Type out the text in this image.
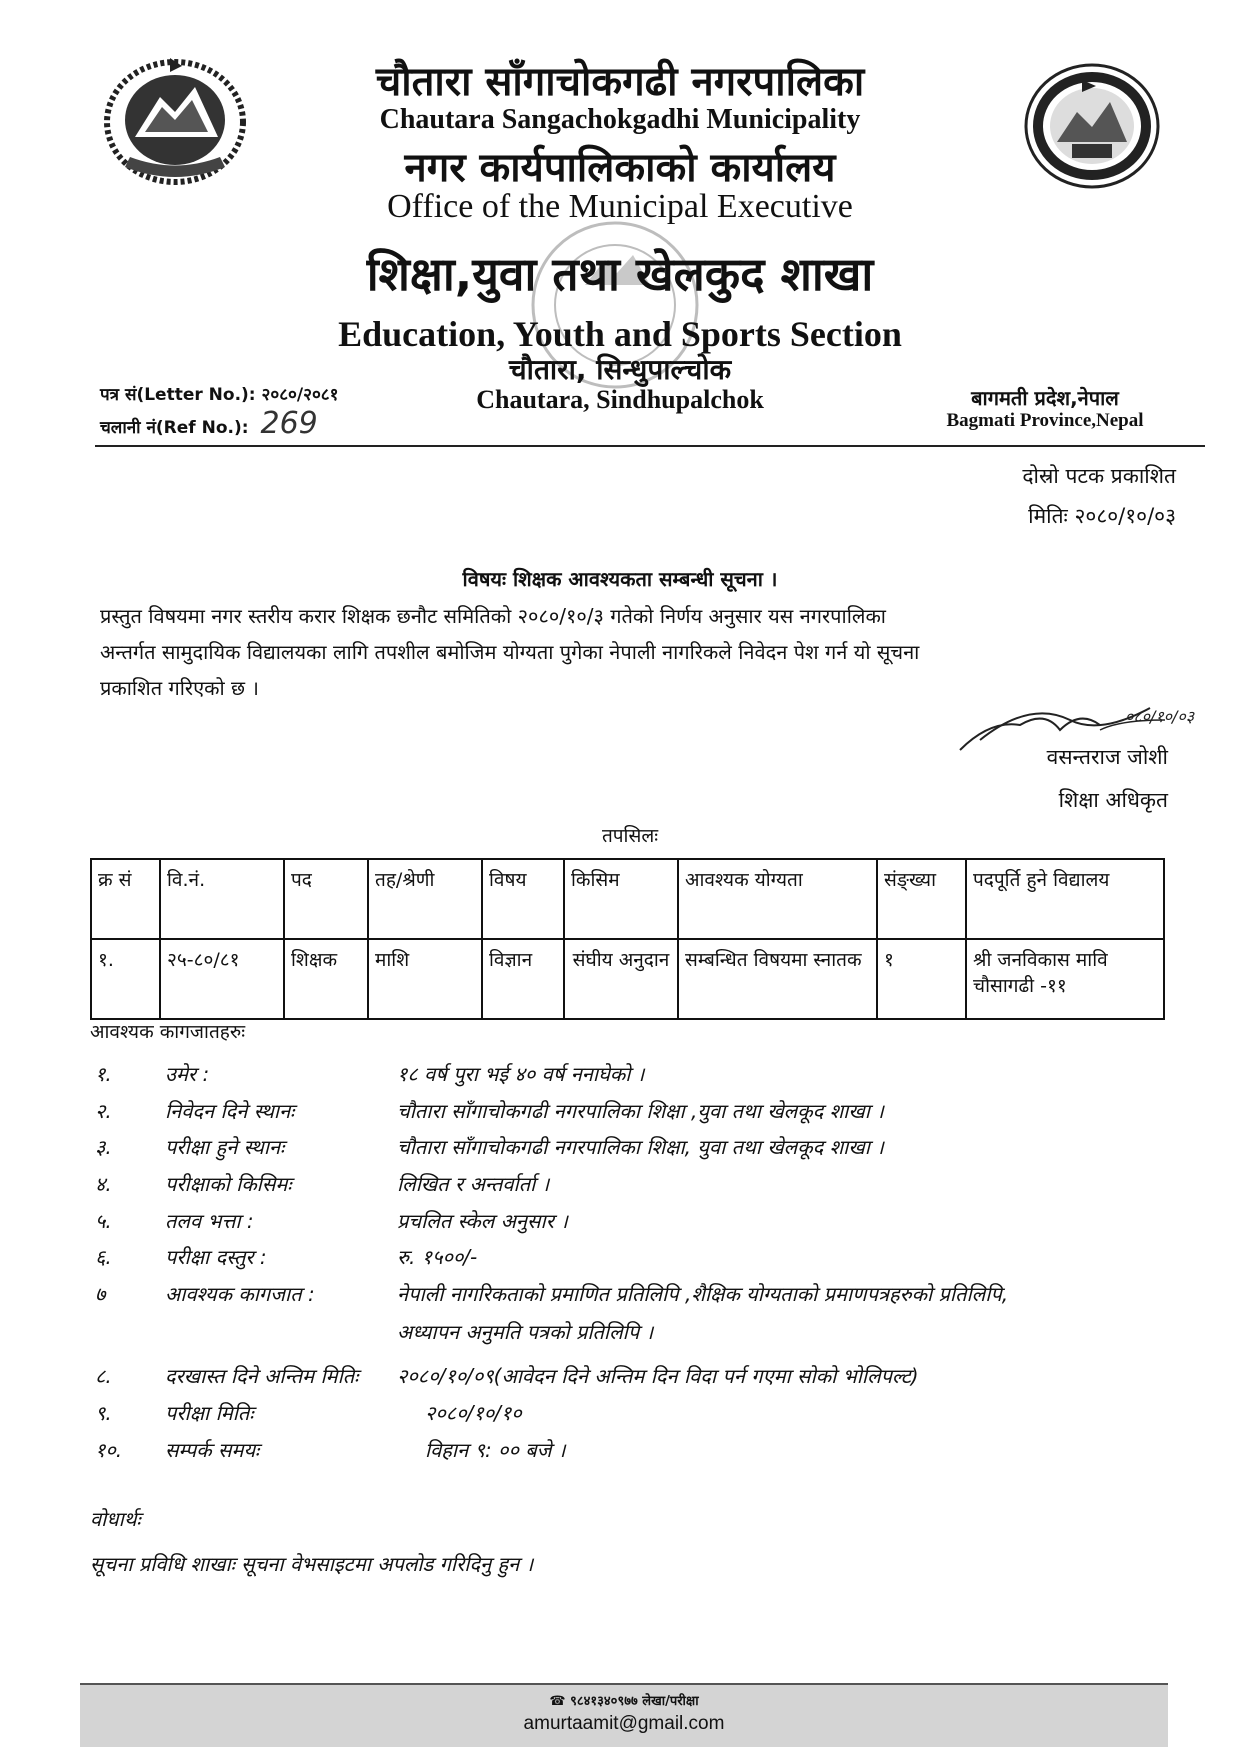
चौतारा साँगाचोकगढी नगरपालिका
Chautara Sangachokgadhi Municipality
नगर कार्यपालिकाको कार्यालय
Office of the Municipal Executive
शिक्षा,युवा तथा खेलकुद शाखा
Education, Youth and Sports Section
चौतारा, सिन्धुपाल्चोक
Chautara, Sindhupalchok
पत्र सं(Letter No.): २०८०/२०८१
चलानी नं(Ref No.): 269
बागमती प्रदेश,नेपाल
Bagmati Province,Nepal
दोस्रो पटक प्रकाशित
मितिः २०८०/१०/०३
विषयः शिक्षक आवश्यकता सम्बन्धी सूचना ।
प्रस्तुत विषयमा नगर स्तरीय करार शिक्षक छनौट समितिको २०८०/१०/३ गतेको निर्णय अनुसार यस नगरपालिका
अन्तर्गत सामुदायिक विद्यालयका लागि तपशील बमोजिम योग्यता पुगेका नेपाली नागरिकले निवेदन पेश गर्न यो सूचना
प्रकाशित गरिएको छ ।
०८०/१०/०३
वसन्तराज जोशी
शिक्षा अधिकृत
तपसिलः
क्र सं	वि.नं.	पद	तह/श्रेणी	विषय	किसिम	आवश्यक योग्यता	संङ्ख्या	पदपूर्ति हुने विद्यालय
१.	२५-८०/८१	शिक्षक	माशि	विज्ञान	संघीय अनुदान	सम्बन्धित विषयमा स्नातक	१	श्री जनविकास मावि चौसागढी -११
आवश्यक कागजातहरुः
१.	उमेर :	१८ वर्ष पुरा भई ४० वर्ष ननाघेको ।
२.	निवेदन दिने स्थानः	चौतारा साँगाचोकगढी नगरपालिका शिक्षा ,युवा तथा खेलकूद शाखा ।
३.	परीक्षा हुने स्थानः	चौतारा साँगाचोकगढी नगरपालिका शिक्षा, युवा तथा खेलकूद शाखा ।
४.	परीक्षाको किसिमः	लिखित र अन्तर्वार्ता ।
५.	तलव भत्ता :	प्रचलित स्केल अनुसार ।
६.	परीक्षा दस्तुर :	रु. १५००/-
७	आवश्यक कागजात :	नेपाली नागरिकताको प्रमाणित प्रतिलिपि ,शैक्षिक योग्यताको प्रमाणपत्रहरुको प्रतिलिपि,
अध्यापन अनुमति पत्रको प्रतिलिपि ।
८.	दरखास्त दिने अन्तिम मितिः	२०८०/१०/०९(आवेदन दिने अन्तिम दिन विदा पर्न गएमा सोको भोलिपल्ट)
९.	परीक्षा मितिः	२०८०/१०/१०
१०.	सम्पर्क समयः	विहान ९: ०० बजे ।
वोधार्थः
सूचना प्रविधि शाखाः सूचना वेभसाइटमा अपलोड गरिदिनु हुन ।
☎ ९८४१३४०९७७ लेखा/परीक्षा
amurtaamit@gmail.com
